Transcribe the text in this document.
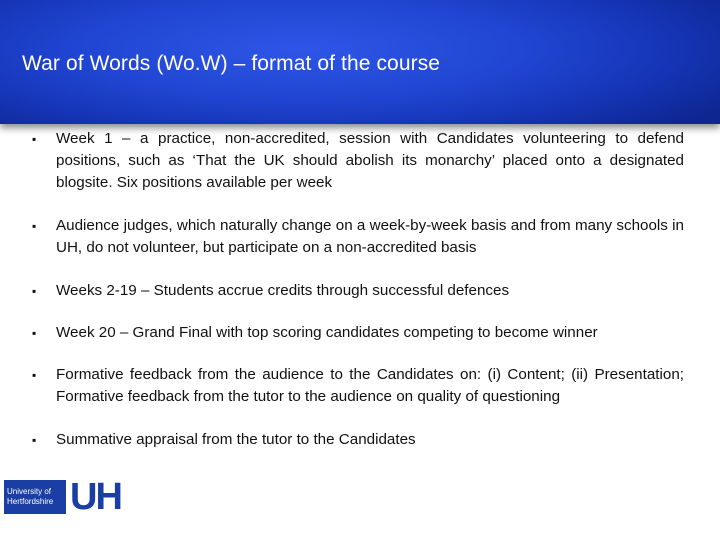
War of Words (Wo.W) – format of the course
▪ Week 1 – a practice, non-accredited, session with Candidates volunteering to defend positions, such as ‘That the UK should abolish its monarchy’ placed onto a designated blogsite. Six positions available per week
▪ Audience judges, which naturally change on a week-by-week basis and from many schools in UH, do not volunteer, but participate on a non-accredited basis
▪ Weeks 2-19 – Students accrue credits through successful defences
▪ Week 20 – Grand Final with top scoring candidates competing to become winner
▪ Formative feedback from the audience to the Candidates on: (i) Content; (ii) Presentation; Formative feedback from the tutor to the audience on quality of questioning
▪ Summative appraisal from the tutor to the Candidates
University of
Hertfordshire UH
